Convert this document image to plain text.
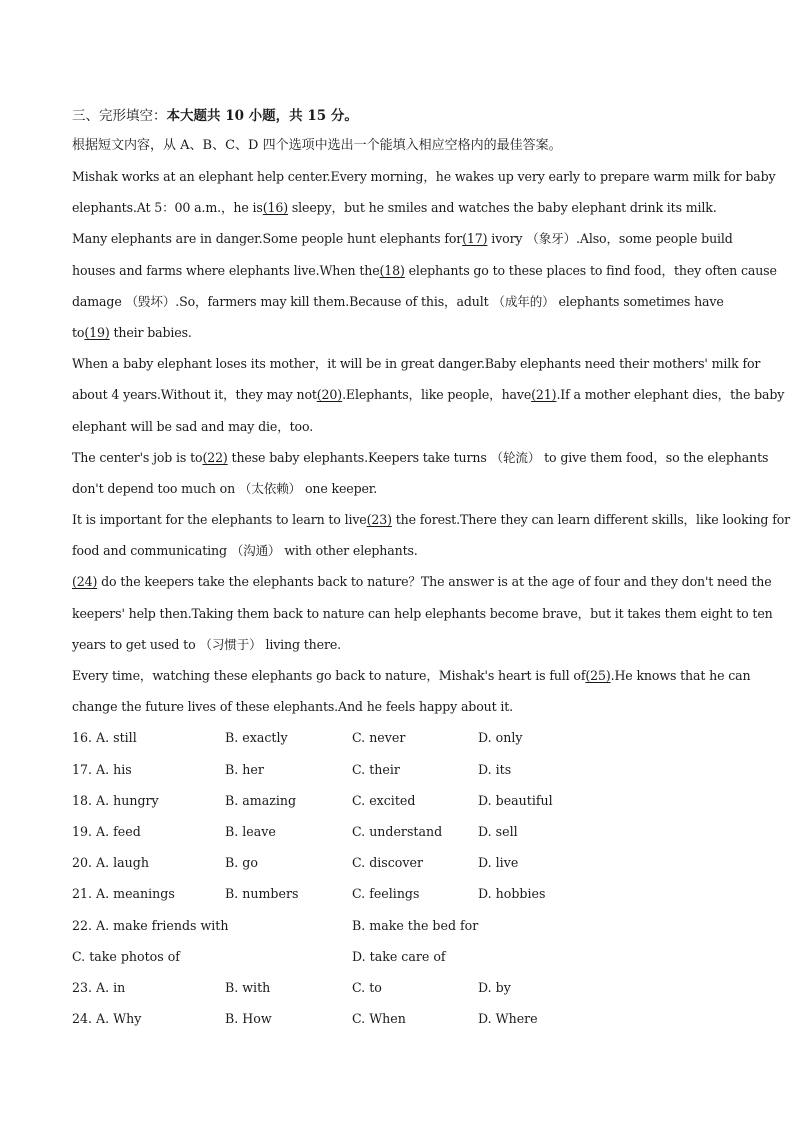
三、完形填空：本大题共 10 小题，共 15 分。
根据短文内容，从 A、B、C、D 四个选项中选出一个能填入相应空格内的最佳答案。
Mishak works at an elephant help center.Every morning，he wakes up very early to prepare warm milk for baby
elephants.At 5：00 a.m.，he is(16) sleepy，but he smiles and watches the baby elephant drink its milk.
Many elephants are in danger.Some people hunt elephants for(17) ivory （象牙）.Also，some people build
houses and farms where elephants live.When the(18) elephants go to these places to find food，they often cause
damage （毁坏）.So，farmers may kill them.Because of this，adult （成年的） elephants sometimes have
to(19) their babies.
When a baby elephant loses its mother，it will be in great danger.Baby elephants need their mothers' milk for
about 4 years.Without it，they may not(20).Elephants，like people，have(21).If a mother elephant dies，the baby
elephant will be sad and may die，too.
The center's job is to(22) these baby elephants.Keepers take turns （轮流） to give them food，so the elephants
don't depend too much on （太依赖） one keeper.
It is important for the elephants to learn to live(23) the forest.There they can learn different skills，like looking for
food and communicating （沟通） with other elephants.
(24) do the keepers take the elephants back to nature？The answer is at the age of four and they don't need the
keepers' help then.Taking them back to nature can help elephants become brave，but it takes them eight to ten
years to get used to （习惯于） living there.
Every time，watching these elephants go back to nature，Mishak's heart is full of(25).He knows that he can
change the future lives of these elephants.And he feels happy about it.
16. A. still	B. exactly	C. never	D. only
17. A. his	B. her	C. their	D. its
18. A. hungry	B. amazing	C. excited	D. beautiful
19. A. feed	B. leave	C. understand	D. sell
20. A. laugh	B. go	C. discover	D. live
21. A. meanings	B. numbers	C. feelings	D. hobbies
22. A. make friends with	B. make the bed for
C. take photos of	D. take care of
23. A. in	B. with	C. to	D. by
24. A. Why	B. How	C. When	D. Where
